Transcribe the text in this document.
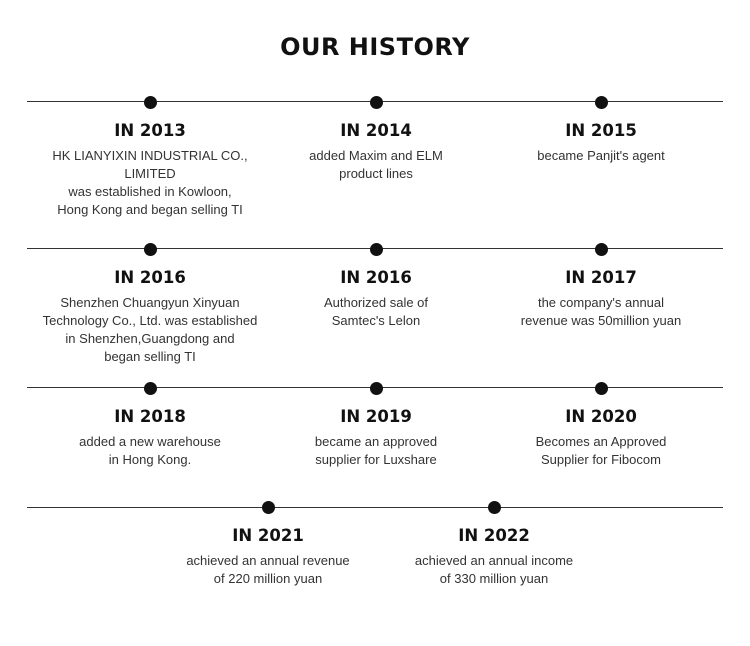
OUR HISTORY
IN 2013
HK LIANYIXIN INDUSTRIAL CO., LIMITED
was established in Kowloon,
Hong Kong and began selling TI
IN 2014
added Maxim and ELM
product lines
IN 2015
became Panjit's agent
IN 2016
Shenzhen Chuangyun Xinyuan
Technology Co., Ltd. was established
in Shenzhen,Guangdong and
began selling TI
IN 2016
Authorized sale of
Samtec's Lelon
IN 2017
the company's annual
revenue was 50million yuan
IN 2018
added a new warehouse
in Hong Kong.
IN 2019
became an approved
supplier for Luxshare
IN 2020
Becomes an Approved
Supplier for Fibocom
IN 2021
achieved an annual revenue
of 220 million yuan
IN 2022
achieved an annual income
of 330 million yuan
